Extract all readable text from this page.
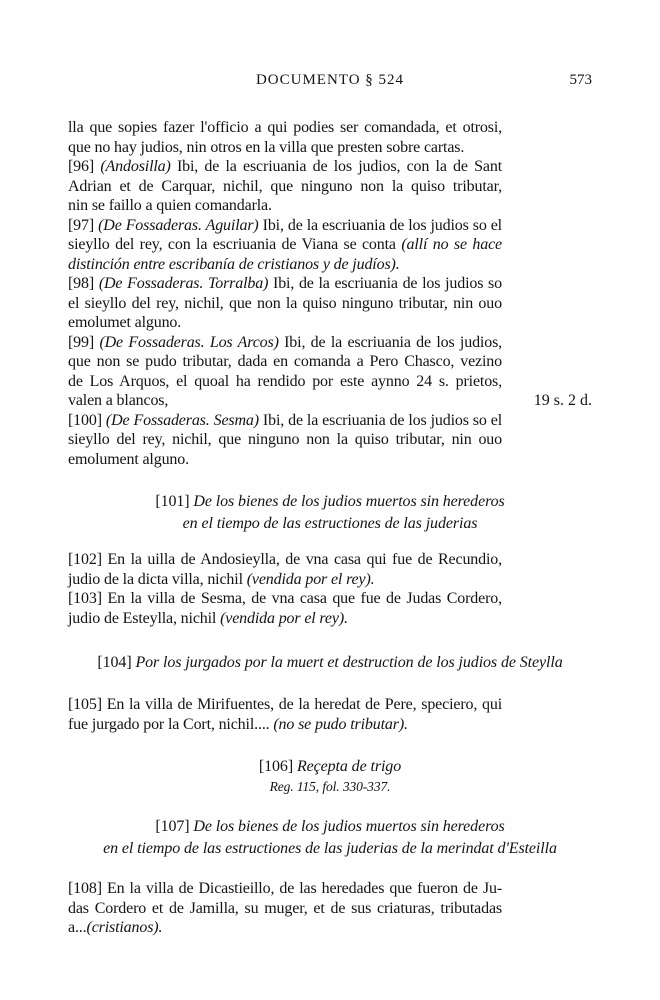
DOCUMENTO § 524	573
lla que sopies fazer l'officio a qui podies ser comandada, et otrosi,
que no hay judios, nin otros en la villa que presten sobre cartas.
[96] (Andosilla) Ibi, de la escriuania de los judios, con la de Sant
Adrian et de Carquar, nichil, que ninguno non la quiso tributar,
nin se faillo a quien comandarla.
[97] (De Fossaderas. Aguilar) Ibi, de la escriuania de los judios so el
sieyllo del rey, con la escriuania de Viana se conta (allí no se hace
distinción entre escribanía de cristianos y de judíos).
[98] (De Fossaderas. Torralba) Ibi, de la escriuania de los judios so
el sieyllo del rey, nichil, que non la quiso ninguno tributar, nin ouo
emolumet alguno.
[99] (De Fossaderas. Los Arcos) Ibi, de la escriuania de los judios,
que non se pudo tributar, dada en comanda a Pero Chasco, vezino
de Los Arquos, el quoal ha rendido por este aynno 24 s. prietos,
valen a blancos,	19 s. 2 d.
[100] (De Fossaderas. Sesma) Ibi, de la escriuania de los judios so el
sieyllo del rey, nichil, que ninguno non la quiso tributar, nin ouo
emolument alguno.
[101] De los bienes de los judios muertos sin herederos
en el tiempo de las estructiones de las juderias
[102] En la uilla de Andosieylla, de vna casa qui fue de Recundio,
judio de la dicta villa, nichil (vendida por el rey).
[103] En la villa de Sesma, de vna casa que fue de Judas Cordero,
judio de Esteylla, nichil (vendida por el rey).
[104] Por los jurgados por la muert et destruction de los judios de Steylla
[105] En la villa de Mirifuentes, de la heredat de Pere, speciero, qui
fue jurgado por la Cort, nichil.... (no se pudo tributar).
[106] Reçepta de trigo
Reg. 115, fol. 330-337.
[107] De los bienes de los judios muertos sin herederos
en el tiempo de las estructiones de las juderias de la merindat d'Esteilla
[108] En la villa de Dicastieillo, de las heredades que fueron de Ju-
das Cordero et de Jamilla, su muger, et de sus criaturas, tributadas
a...(cristianos).
